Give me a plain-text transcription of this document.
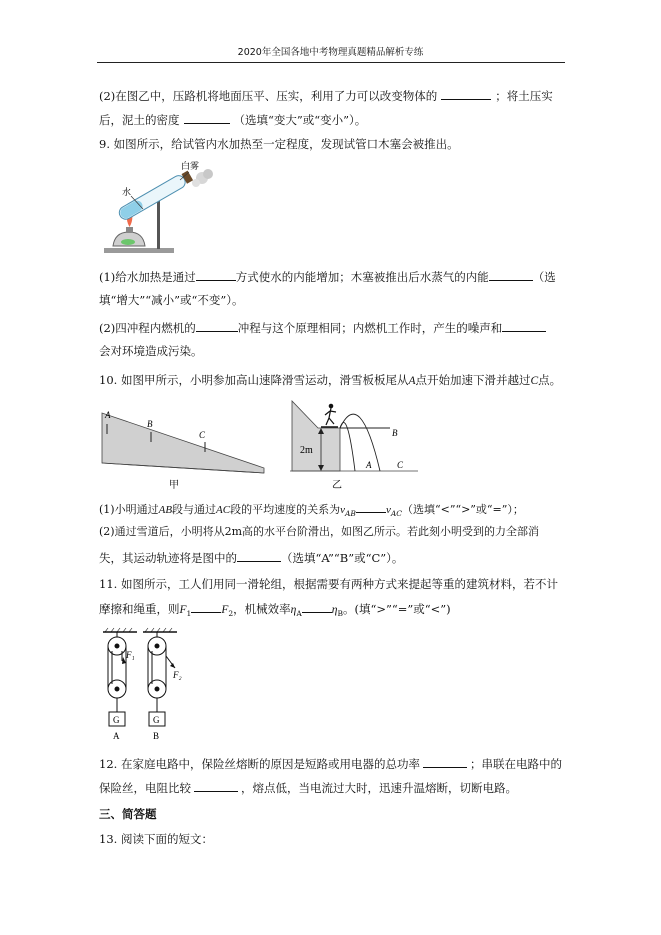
2020年全国各地中考物理真题精品解析专练
(2)在图乙中，压路机将地面压平、压实，利用了力可以改变物体的	；将土压实
后，泥土的密度	（选填“变大”或“变小”）。
9. 如图所示，给试管内水加热至一定程度，发现试管口木塞会被推出。
白雾
水
(1)给水加热是通过	方式使水的内能增加；木塞被推出后水蒸气的内能	（选
填“增大”“减小”或“不变”）。
(2)四冲程内燃机的	冲程与这个原理相同；内燃机工作时，产生的噪声和
会对环境造成污染。
10. 如图甲所示，小明参加高山速降滑雪运动，滑雪板板尾从A点开始加速下滑并越过C点。
A
B
C
甲
2m
B
A	C
乙
(1)小明通过AB段与通过AC段的平均速度的关系为$v_{AB}$	$v_{AC}$（选填“<”“>”或“=”）；
(2)通过雪道后，小明将从2m高的水平台阶滑出，如图乙所示。若此刻小明受到的力全部消
失，其运动轨迹将是图中的	（选填“A”“B”或“C”）。
11. 如图所示，工人们用同一滑轮组，根据需要有两种方式来提起等重的建筑材料，若不计
摩擦和绳重，则$F_1$	$F_2$，机械效率$\eta_A$	$\eta_B$。(填“>”“=”或“<”)
F₁
G
A
F₂
G
B
12. 在家庭电路中，保险丝熔断的原因是短路或用电器的总功率	；串联在电路中的
保险丝，电阻比较	，熔点低，当电流过大时，迅速升温熔断，切断电路。
三、简答题
13. 阅读下面的短文：
